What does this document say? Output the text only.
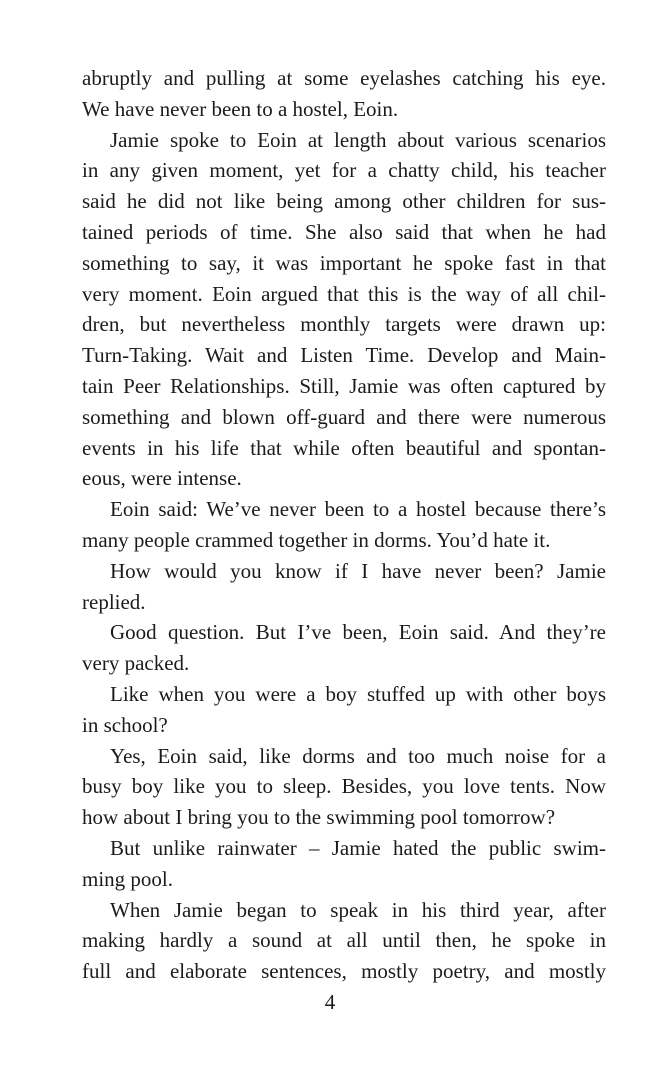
abruptly and pulling at some eyelashes catching his eye.
We have never been to a hostel, Eoin.
Jamie spoke to Eoin at length about various scenarios
in any given moment, yet for a chatty child, his teacher
said he did not like being among other children for sus-
tained periods of time. She also said that when he had
something to say, it was important he spoke fast in that
very moment. Eoin argued that this is the way of all chil-
dren, but nevertheless monthly targets were drawn up:
Turn-Taking. Wait and Listen Time. Develop and Main-
tain Peer Relationships. Still, Jamie was often captured by
something and blown off-guard and there were numerous
events in his life that while often beautiful and spontan-
eous, were intense.
Eoin said: We’ve never been to a hostel because there’s
many people crammed together in dorms. You’d hate it.
How would you know if I have never been? Jamie
replied.
Good question. But I’ve been, Eoin said. And they’re
very packed.
Like when you were a boy stuffed up with other boys
in school?
Yes, Eoin said, like dorms and too much noise for a
busy boy like you to sleep. Besides, you love tents. Now
how about I bring you to the swimming pool tomorrow?
But unlike rainwater – Jamie hated the public swim-
ming pool.
When Jamie began to speak in his third year, after
making hardly a sound at all until then, he spoke in
full and elaborate sentences, mostly poetry, and mostly
4
